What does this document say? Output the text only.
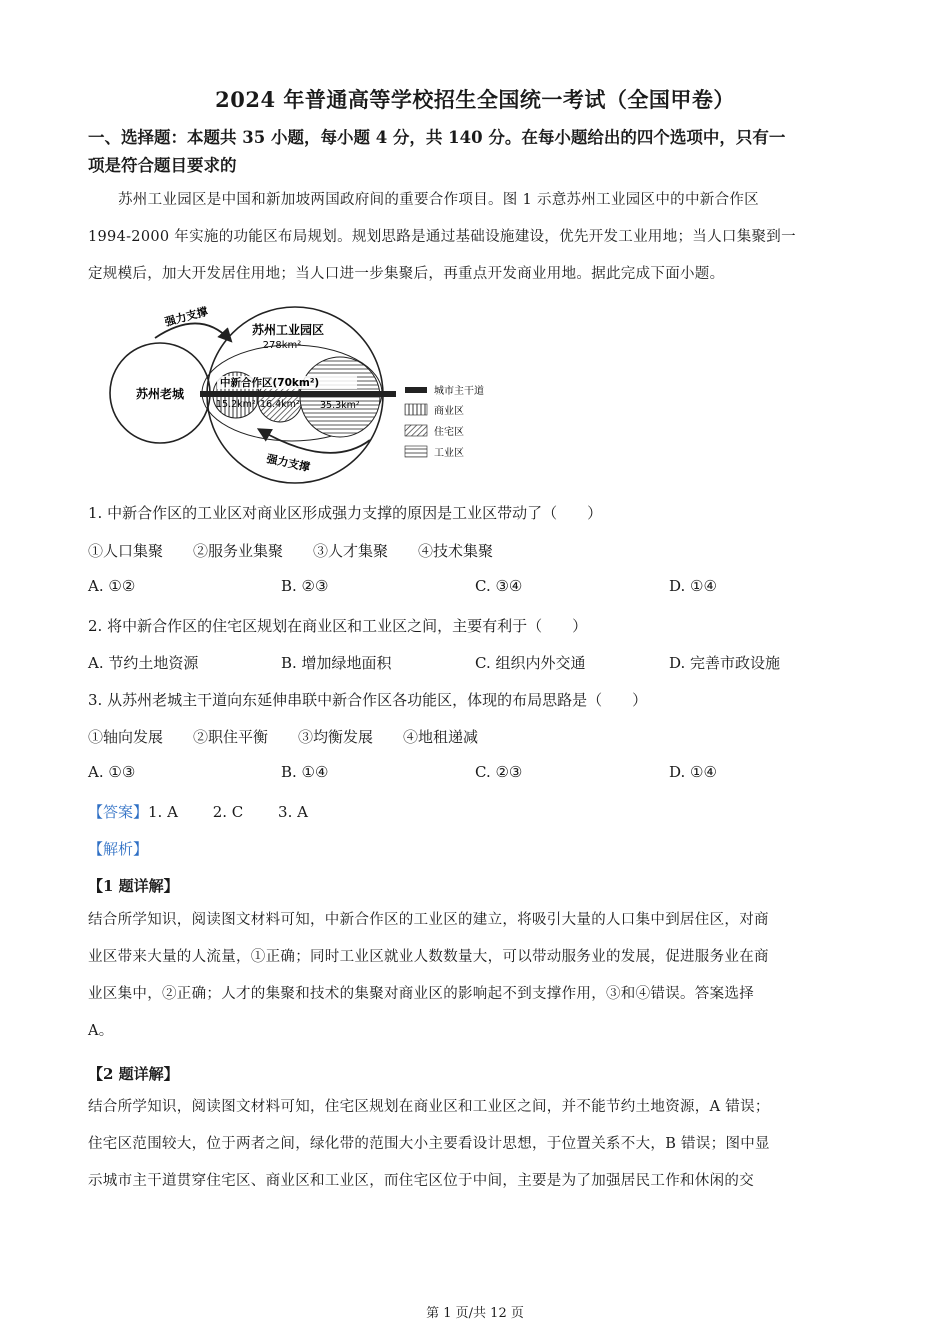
2024 年普通高等学校招生全国统一考试（全国甲卷）
一、选择题：本题共 35 小题，每小题 4 分，共 140 分。在每小题给出的四个选项中，只有一
项是符合题目要求的
苏州工业园区是中国和新加坡两国政府间的重要合作项目。图 1 示意苏州工业园区中的中新合作区
1994-2000 年实施的功能区布局规划。规划思路是通过基础设施建设，优先开发工业用地；当人口集聚到一
定规模后，加大开发居住用地；当人口进一步集聚后，再重点开发商业用地。据此完成下面小题。
苏州老城
苏州工业园区
278km²
中新合作区(70km²)
15.2km² 16.4km² 35.3km²
强力支撑
强力支撑
城市主干道
商业区
住宅区
工业区
1. 中新合作区的工业区对商业区形成强力支撑的原因是工业区带动了（　　）
①人口集聚　　②服务业集聚　　③人才集聚　　④技术集聚
A. ①②	B. ②③	C. ③④	D. ①④
2. 将中新合作区的住宅区规划在商业区和工业区之间，主要有利于（　　）
A. 节约土地资源	B. 增加绿地面积	C. 组织内外交通	D. 完善市政设施
3. 从苏州老城主干道向东延伸串联中新合作区各功能区，体现的布局思路是（　　）
①轴向发展　　②职住平衡　　③均衡发展　　④地租递减
A. ①③	B. ①④	C. ②③	D. ①④
【答案】1. A　　 2. C　　 3. A
【解析】
【1 题详解】
结合所学知识，阅读图文材料可知，中新合作区的工业区的建立，将吸引大量的人口集中到居住区，对商
业区带来大量的人流量，①正确；同时工业区就业人数数量大，可以带动服务业的发展，促进服务业在商
业区集中，②正确；人才的集聚和技术的集聚对商业区的影响起不到支撑作用，③和④错误。答案选择
A。
【2 题详解】
结合所学知识，阅读图文材料可知，住宅区规划在商业区和工业区之间，并不能节约土地资源，A 错误；
住宅区范围较大，位于两者之间，绿化带的范围大小主要看设计思想，于位置关系不大，B 错误；图中显
示城市主干道贯穿住宅区、商业区和工业区，而住宅区位于中间，主要是为了加强居民工作和休闲的交
第 1 页/共 12 页
